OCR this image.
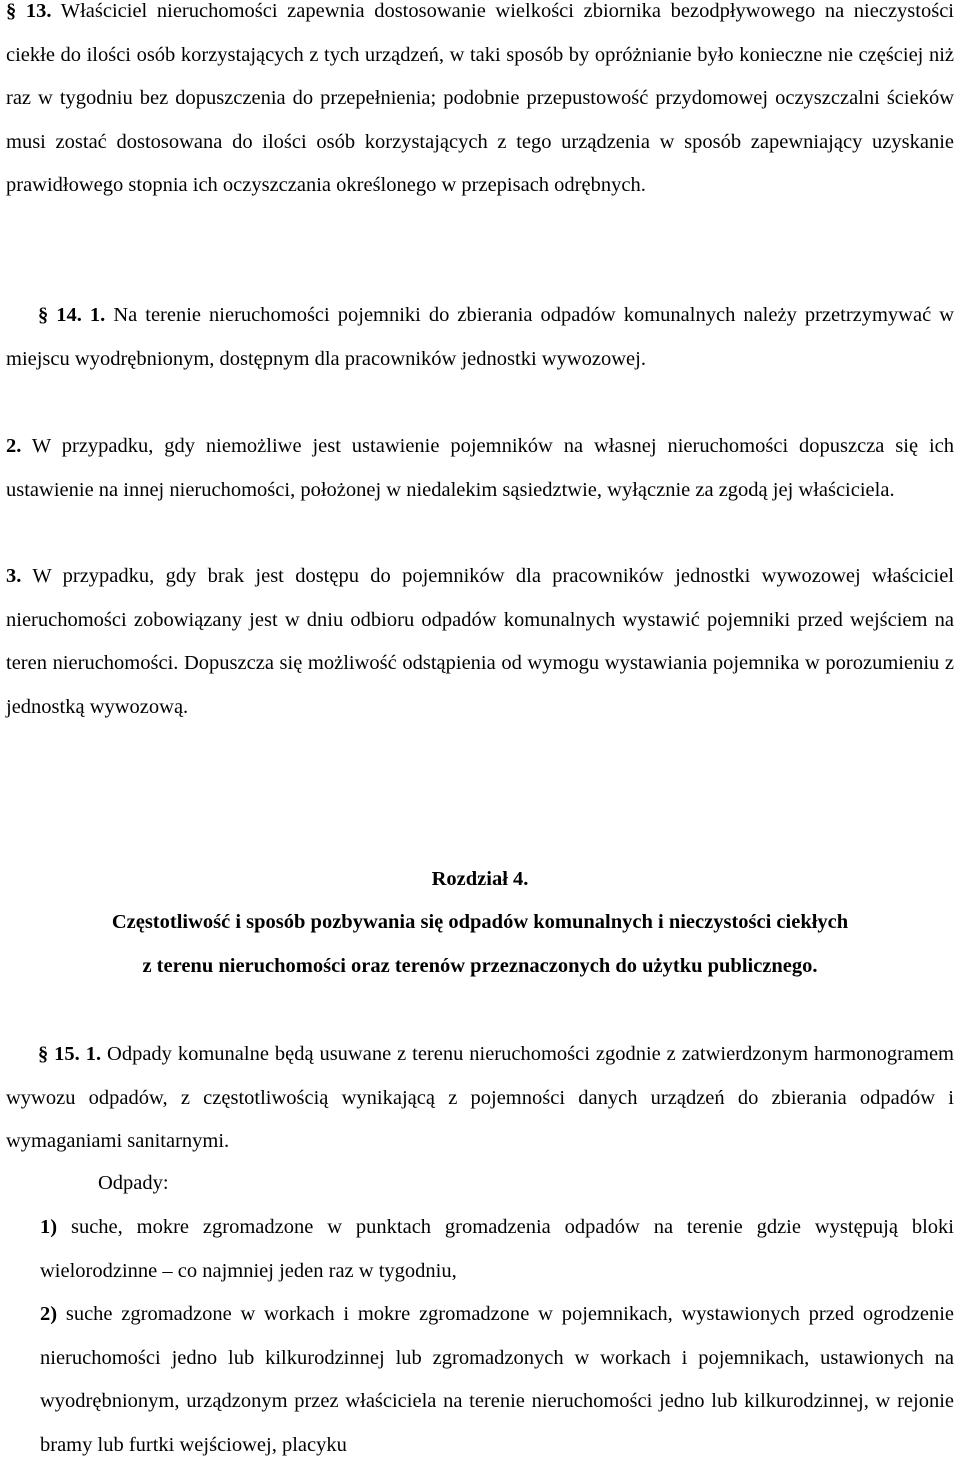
§ 13. Właściciel nieruchomości zapewnia dostosowanie wielkości zbiornika bezodpływowego na nieczystości ciekłe do ilości osób korzystających z tych urządzeń, w taki sposób by opróżnianie było konieczne nie częściej niż raz w tygodniu bez dopuszczenia do przepełnienia; podobnie przepustowość przydomowej oczyszczalni ścieków musi zostać dostosowana do ilości osób korzystających z tego urządzenia w sposób zapewniający uzyskanie prawidłowego stopnia ich oczyszczania określonego w przepisach odrębnych.

§ 14. 1. Na terenie nieruchomości pojemniki do zbierania odpadów komunalnych należy przetrzymywać w miejscu wyodrębnionym, dostępnym dla pracowników jednostki wywozowej.

2. W przypadku, gdy niemożliwe jest ustawienie pojemników na własnej nieruchomości dopuszcza się ich ustawienie na innej nieruchomości, położonej w niedalekim sąsiedztwie, wyłącznie za zgodą jej właściciela.

3. W przypadku, gdy brak jest dostępu do pojemników dla pracowników jednostki wywozowej właściciel nieruchomości zobowiązany jest w dniu odbioru odpadów komunalnych wystawić pojemniki przed wejściem na teren nieruchomości. Dopuszcza się możliwość odstąpienia od wymogu wystawiania pojemnika w porozumieniu z jednostką wywozową.

Rozdział 4.

Częstotliwość i sposób pozbywania się odpadów komunalnych i nieczystości ciekłych

z terenu nieruchomości oraz terenów przeznaczonych do użytku publicznego.

§ 15. 1. Odpady komunalne będą usuwane z terenu nieruchomości zgodnie z zatwierdzonym harmonogramem wywozu odpadów, z częstotliwością wynikającą z pojemności danych urządzeń do zbierania odpadów i wymaganiami sanitarnymi.

Odpady:

1) suche, mokre zgromadzone w punktach gromadzenia odpadów na terenie gdzie występują bloki wielorodzinne – co najmniej jeden raz w tygodniu,

2) suche zgromadzone w workach i mokre zgromadzone w pojemnikach, wystawionych przed ogrodzenie nieruchomości jedno lub kilkurodzinnej lub zgromadzonych w workach i pojemnikach, ustawionych na wyodrębnionym, urządzonym przez właściciela na terenie nieruchomości jedno lub kilkurodzinnej, w rejonie bramy lub furtki wejściowej, placyku
